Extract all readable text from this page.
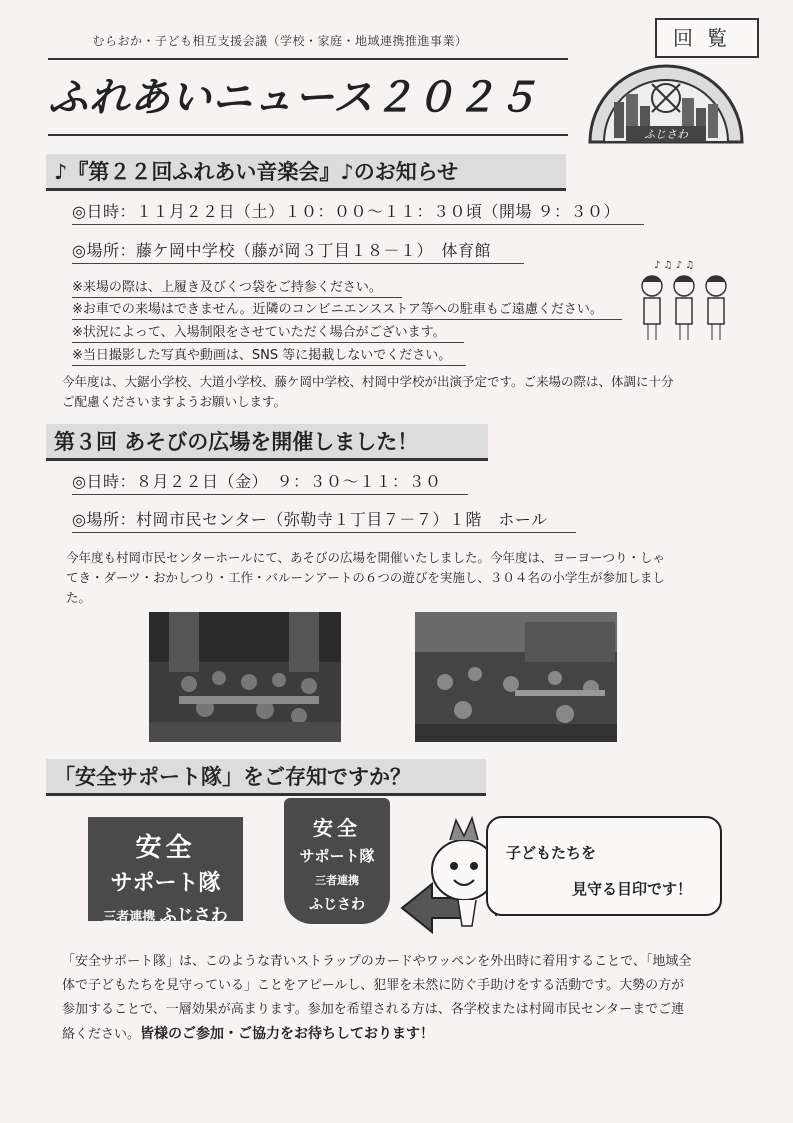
むらおか・子ども相互支援会議（学校・家庭・地域連携推進事業）	回覧
ふれあいニュース２０２５
ふじさわ
♪『第２２回ふれあい音楽会』♪のお知らせ
◎日時：１１月２２日（土）１０：００～１１：３０頃（開場 ９：３０）
◎場所：藤ケ岡中学校（藤が岡３丁目１８－１）　体育館
※来場の際は、上履き及びくつ袋をご持参ください。
※お車での来場はできません。近隣のコンビニエンスストア等への駐車もご遠慮ください。
※状況によって、入場制限をさせていただく場合がございます。
※当日撮影した写真や動画は、SNS 等に掲載しないでください。
♪ ♫ ♪ ♫
今年度は、大鋸小学校、大道小学校、藤ケ岡中学校、村岡中学校が出演予定です。ご来場の際は、体調に十分
ご配慮くださいますようお願いします。
第３回 あそびの広場を開催しました！
◎日時：８月２２日（金）　９：３０～１１：３０
◎場所：村岡市民センター（弥勒寺１丁目７－７）１階　ホール
今年度も村岡市民センターホールにて、あそびの広場を開催いたしました。今年度は、ヨーヨーつり・しゃ
てき・ダーツ・おかしつり・工作・バルーンアートの６つの遊びを実施し、３０４名の小学生が参加しまし
た。
「安全サポート隊」をご存知ですか？
安全
サポート隊
三者連携 ふじさわ
安全
サポート隊
三者連携
ふじさわ
子どもたちを
見守る目印です！
「安全サポート隊」は、このような青いストラップのカードやワッペンを外出時に着用することで、「地域全
体で子どもたちを見守っている」ことをアピールし、犯罪を未然に防ぐ手助けをする活動です。大勢の方が
参加することで、一層効果が高まります。参加を希望される方は、各学校または村岡市民センターまでご連
絡ください。皆様のご参加・ご協力をお待ちしております！
